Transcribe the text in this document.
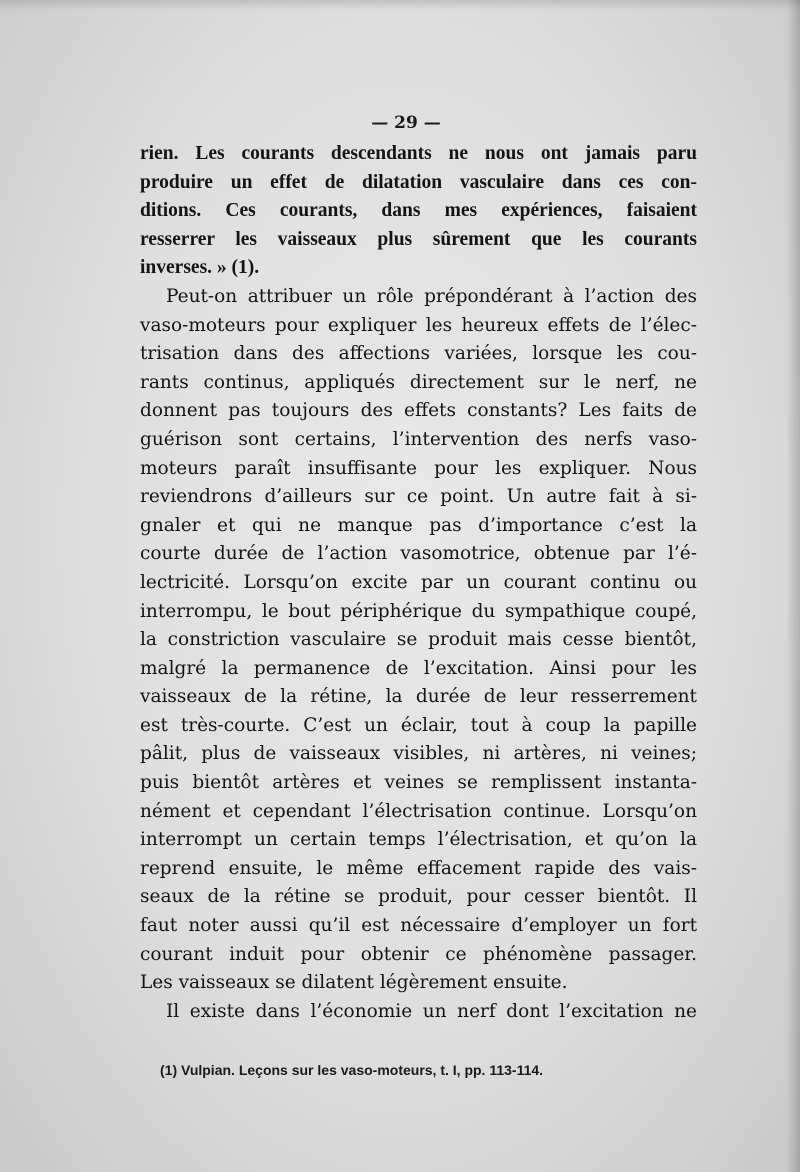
— 29 —
rien. Les courants descendants ne nous ont jamais paru
produire un effet de dilatation vasculaire dans ces con-
ditions. Ces courants, dans mes expériences, faisaient
resserrer les vaisseaux plus sûrement que les courants
inverses. » (1).
Peut-on attribuer un rôle prépondérant à l’action des
vaso-moteurs pour expliquer les heureux effets de l’élec-
trisation dans des affections variées, lorsque les cou-
rants continus, appliqués directement sur le nerf, ne
donnent pas toujours des effets constants? Les faits de
guérison sont certains, l’intervention des nerfs vaso-
moteurs paraît insuffisante pour les expliquer. Nous
reviendrons d’ailleurs sur ce point. Un autre fait à si-
gnaler et qui ne manque pas d’importance c’est la
courte durée de l’action vasomotrice, obtenue par l’é-
lectricité. Lorsqu’on excite par un courant continu ou
interrompu, le bout périphérique du sympathique coupé,
la constriction vasculaire se produit mais cesse bientôt,
malgré la permanence de l’excitation. Ainsi pour les
vaisseaux de la rétine, la durée de leur resserrement
est très-courte. C’est un éclair, tout à coup la papille
pâlit, plus de vaisseaux visibles, ni artères, ni veines;
puis bientôt artères et veines se remplissent instanta-
nément et cependant l’électrisation continue. Lorsqu’on
interrompt un certain temps l’électrisation, et qu’on la
reprend ensuite, le même effacement rapide des vais-
seaux de la rétine se produit, pour cesser bientôt. Il
faut noter aussi qu’il est nécessaire d’employer un fort
courant induit pour obtenir ce phénomène passager.
Les vaisseaux se dilatent légèrement ensuite.
Il existe dans l’économie un nerf dont l’excitation ne
(1) Vulpian. Leçons sur les vaso-moteurs, t. I, pp. 113-114.
